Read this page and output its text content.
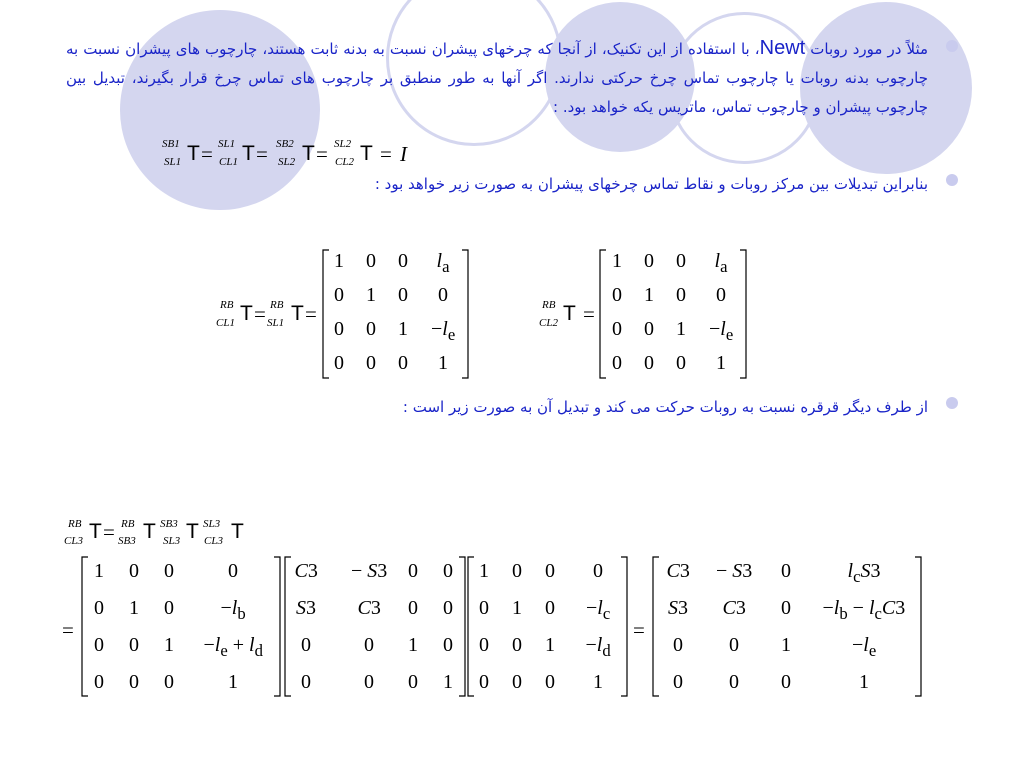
مثلاً در مورد روبات Newt، با استفاده از این تکنیک، از آنجا که چرخهای پیشران نسبت به بدنه ثابت هستند، چارچوب های پیشران نسبت به چارچوب بدنه روبات یا چارچوب تماس چرخ حرکتی ندارند. اگر آنها به طور منطبق بر چارچوب های تماس چرخ قرار بگیرند، تبدیل بین چارچوب پیشران و چارچوب تماس، ماتریس یکه خواهد بود. :
SB1
SL1 T = SL1
CL1 T = SB2
SL2 T = SL2
CL2 T = I
بنابراین تبدیلات بین مرکز روبات و نقاط تماس چرخهای پیشران به صورت زیر خواهد بود :
RB
CL1 T = RB
SL1 T =	RB
CL2 T =
از طرف دیگر قرقره نسبت به روبات حرکت می کند و تبدیل آن به صورت زیر است :
RB
CL3 T = RB
SB3 T SB3
SL3 T SL3
CL3 T
=	=
1 0 0 $l_a$
0 1 0 0
0 0 $1 -l_e$
0 0 0 1
1 0 0 $l_a$
0 1 0 0
0 0 $1 -l_e$
0 0 0 1
1 0 0	0
0 1 $0 -l_b$
0 0 $1 -l_e + l_d$
0 0 0	1
C3 − S3 0 0
S3 C3 0 0
0	0 1 0
0	0 0 1
1 0 0 0
0 1 $0 -l_c$
0 0 $1 -l_d$
0 0 0 1
C3 − S3 0	$l_cS3$
S3 C3 $0 -l_b - l_cC3$
0 0 1	$-l_e$
0 0 0	1
